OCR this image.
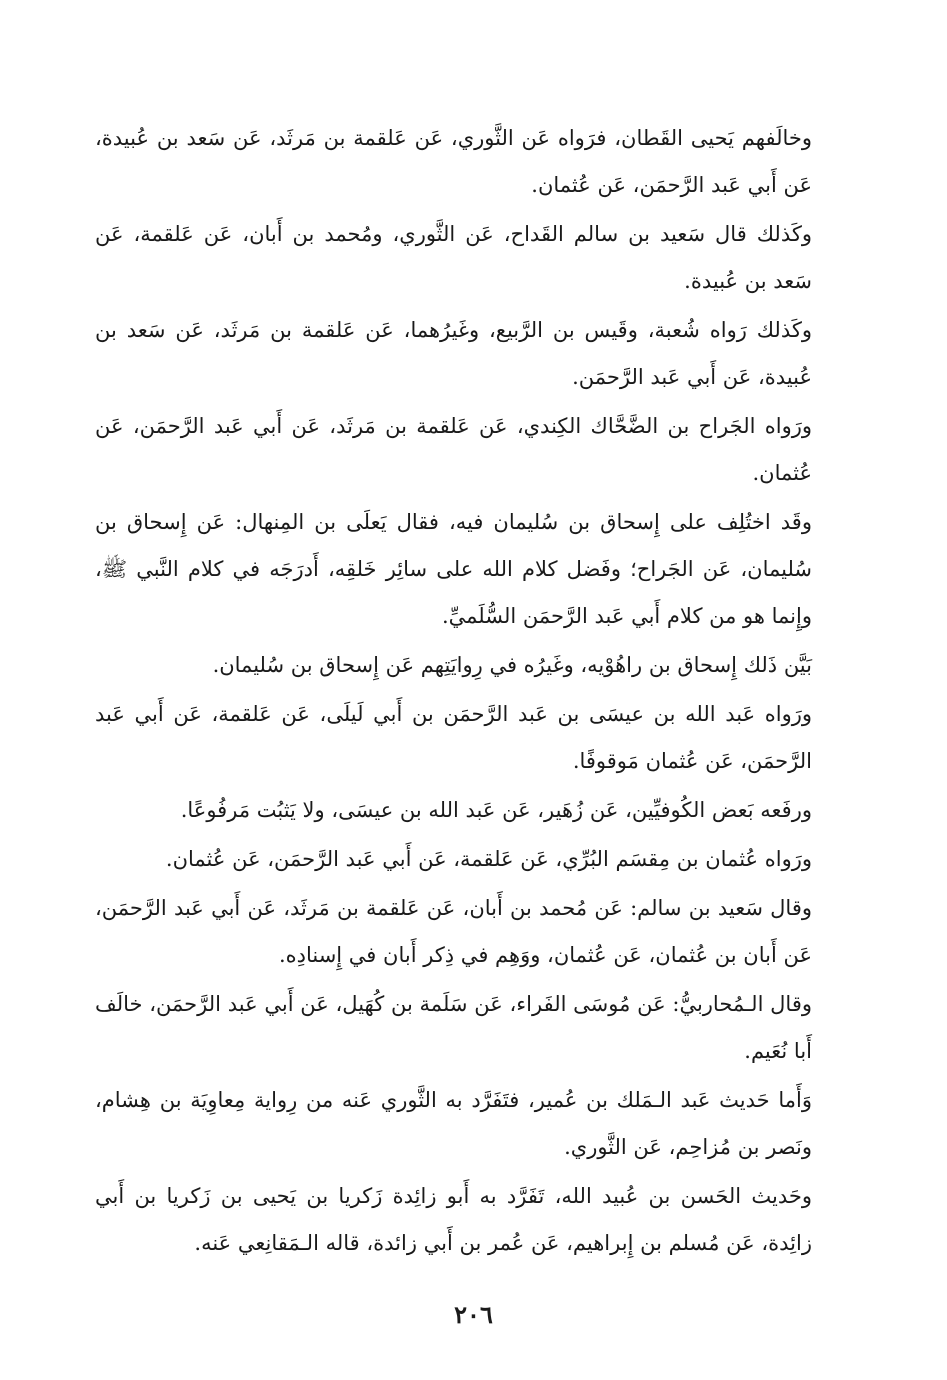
وخالَفهم يَحيى القَطان، فرَواه عَن الثَّوري، عَن عَلقمة بن مَرثَد، عَن سَعد بن عُبيدة، عَن أَبي عَبد الرَّحمَن، عَن عُثمان.

وكَذلك قال سَعيد بن سالم القَداح، عَن الثَّوري، ومُحمد بن أَبان، عَن عَلقمة، عَن سَعد بن عُبيدة.

وكَذلك رَواه شُعبة، وقَيس بن الرَّبيع، وغَيرُهما، عَن عَلقمة بن مَرثَد، عَن سَعد بن عُبيدة، عَن أَبي عَبد الرَّحمَن.

ورَواه الجَراح بن الضَّحَّاك الكِندي، عَن عَلقمة بن مَرثَد، عَن أَبي عَبد الرَّحمَن، عَن عُثمان.

وقَد اختُلِف على إِسحاق بن سُليمان فيه، فقال يَعلَى بن المِنهال: عَن إِسحاق بن سُليمان، عَن الجَراح؛ وفَضل كلام الله على سائِر خَلقِه، أَدرَجَه في كلام النَّبي ﷺ، وإِنما هو من كلام أَبي عَبد الرَّحمَن السُّلَميِّ.

بَيَّن ذَلك إِسحاق بن راهُوْيه، وغَيرُه في رِوايَتِهم عَن إِسحاق بن سُليمان.

ورَواه عَبد الله بن عيسَى بن عَبد الرَّحمَن بن أَبي لَيلَى، عَن عَلقمة، عَن أَبي عَبد الرَّحمَن، عَن عُثمان مَوقوفًا.

ورفَعه بَعض الكُوفيِّين، عَن زُهَير، عَن عَبد الله بن عيسَى، ولا يَثبُت مَرفُوعًا.

ورَواه عُثمان بن مِقسَم البُرِّي، عَن عَلقمة، عَن أَبي عَبد الرَّحمَن، عَن عُثمان.

وقال سَعيد بن سالم: عَن مُحمد بن أَبان، عَن عَلقمة بن مَرثَد، عَن أَبي عَبد الرَّحمَن، عَن أَبان بن عُثمان، عَن عُثمان، ووَهِم في ذِكر أَبان في إِسنادِه.

وقال الـمُحاربيُّ: عَن مُوسَى الفَراء، عَن سَلَمة بن كُهَيل، عَن أَبي عَبد الرَّحمَن، خالَف أَبا نُعَيم.

وَأَما حَديث عَبد الـمَلك بن عُمير، فتَفَرَّد به الثَّوري عَنه من رِواية مِعاوِيَة بن هِشام، ونَصر بن مُزاحِم، عَن الثَّوري.

وحَديث الحَسن بن عُبيد الله، تَفَرَّد به أَبو زائِدة زَكريا بن يَحيى بن زَكريا بن أَبي زائِدة، عَن مُسلم بن إِبراهيم، عَن عُمر بن أَبي زائدة، قاله الـمَقانِعي عَنه.

٢٠٦
